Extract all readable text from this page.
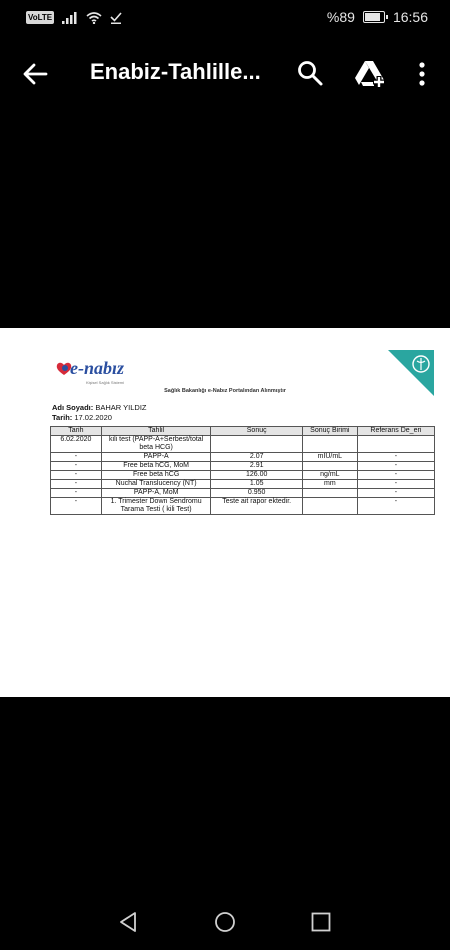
VoLTE	%89	16:56
Enabiz-Tahlille...
e-nabız
Kişisel Sağlık Sistemi
Sağlık Bakanlığı e-Nabız Portalından Alınmıştır
Adı Soyadı: BAHAR YILDIZ
Tarih: 17.02.2020
Tarih	Tahlil	Sonuç	Sonuç Birimi	Referans De_eri
6.02.2020	kili test (PAPP-A+Serbest/total beta HCG)			
-	PAPP-A	2.07	mIU/mL	-
-	Free beta hCG, MoM	2.91		-
-	Free beta hCG	126.00	ng/mL	-
-	Nuchal Translucency (NT)	1.05	mm	-
-	PAPP-A, MoM	0.950		-
-	1. Trimester Down Sendromu Tarama Testi ( kili Test)	Teste ait rapor ektedir.		-
